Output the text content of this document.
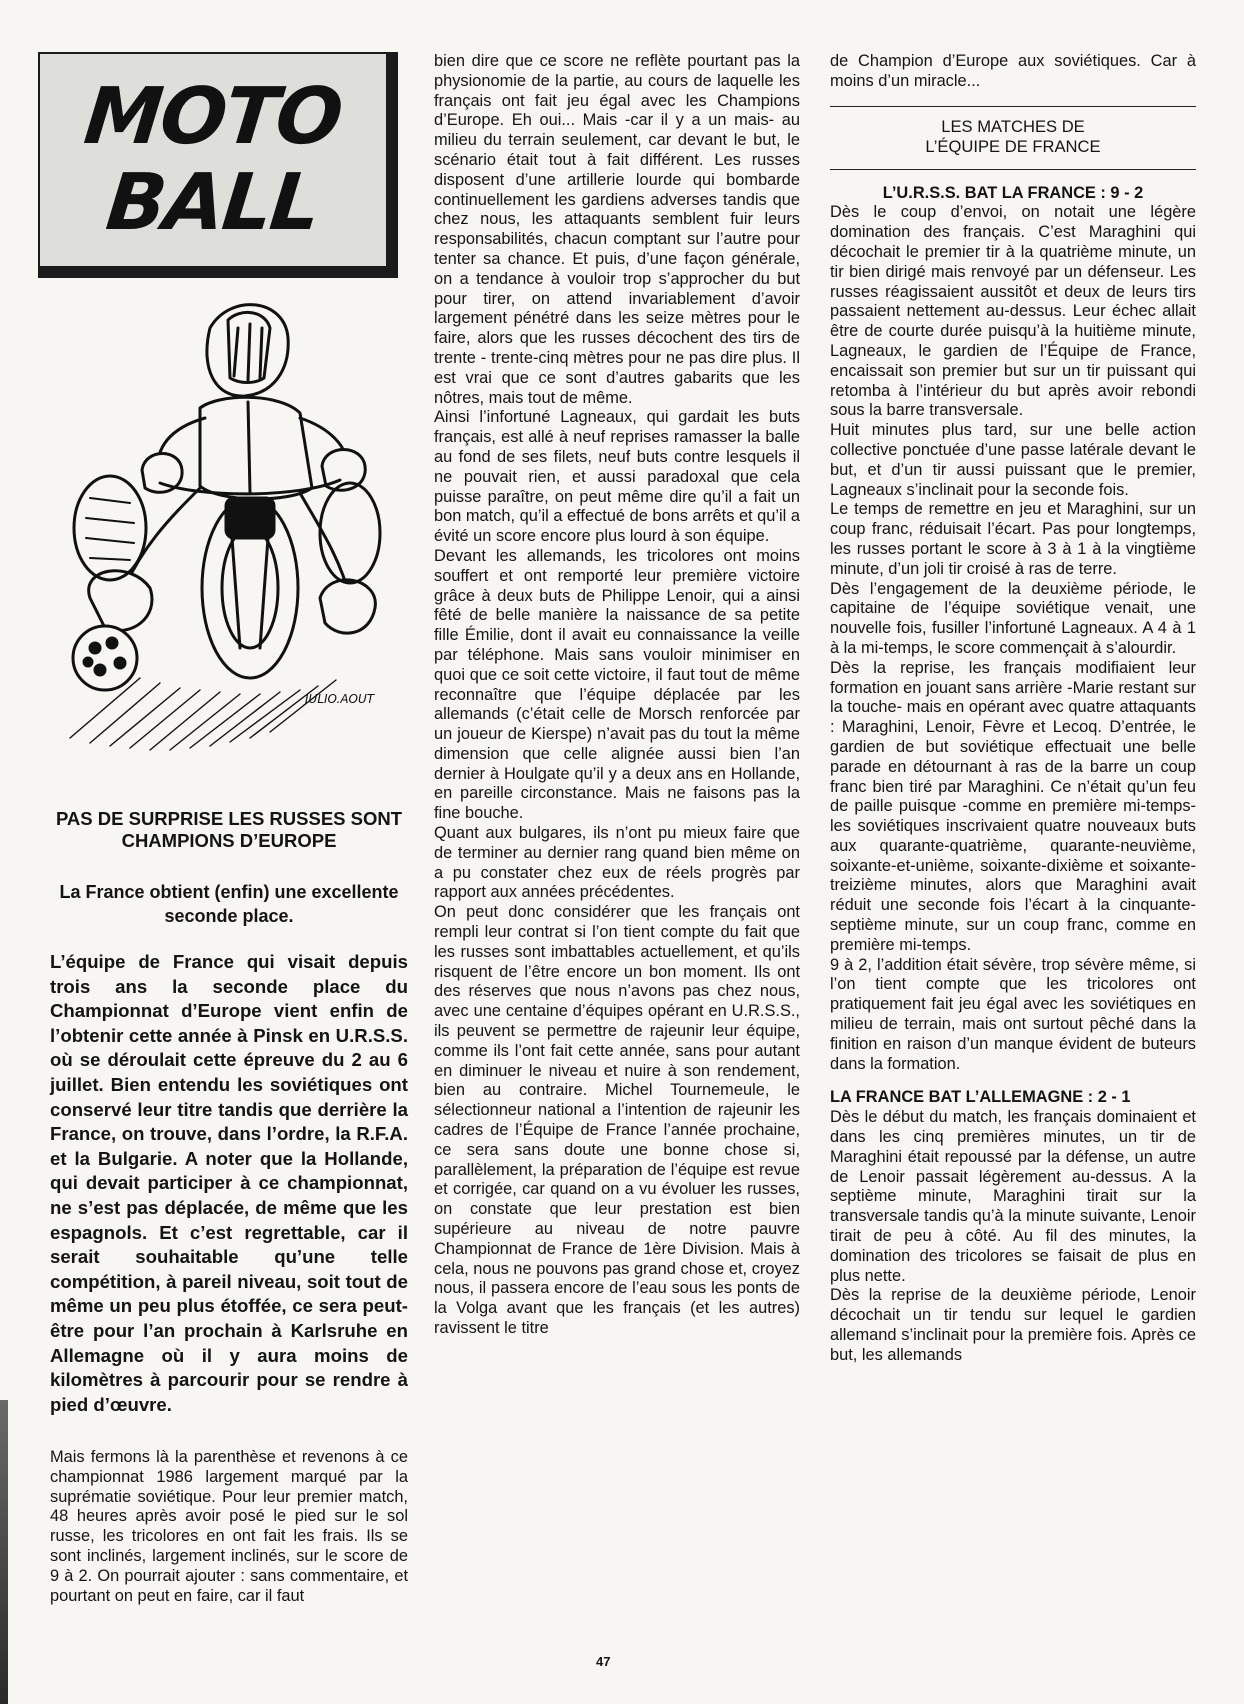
MOTO
BALL
JULIO.AOUT
PAS DE SURPRISE LES RUSSES SONT CHAMPIONS D’EUROPE
La France obtient (enfin) une excellente seconde place.
L’équipe de France qui visait depuis trois ans la seconde place du Championnat d’Europe vient enfin de l’obtenir cette année à Pinsk en U.R.S.S. où se déroulait cette épreuve du 2 au 6 juillet. Bien entendu les soviétiques ont conservé leur titre tandis que derrière la France, on trouve, dans l’ordre, la R.F.A. et la Bulgarie. A noter que la Hollande, qui devait participer à ce championnat, ne s’est pas déplacée, de même que les espagnols. Et c’est regrettable, car il serait souhaitable qu’une telle compétition, à pareil niveau, soit tout de même un peu plus étoffée, ce sera peut-être pour l’an prochain à Karlsruhe en Allemagne où il y aura moins de kilomètres à parcourir pour se rendre à pied d’œuvre.

Mais fermons là la parenthèse et revenons à ce championnat 1986 largement marqué par la suprématie soviétique. Pour leur premier match, 48 heures après avoir posé le pied sur le sol russe, les tricolores en ont fait les frais. Ils se sont inclinés, largement inclinés, sur le score de 9 à 2. On pourrait ajouter : sans commentaire, et pourtant on peut en faire, car il faut

bien dire que ce score ne reflète pourtant pas la physionomie de la partie, au cours de laquelle les français ont fait jeu égal avec les Champions d’Europe. Eh oui... Mais -car il y a un mais- au milieu du terrain seulement, car devant le but, le scénario était tout à fait différent. Les russes disposent d’une artillerie lourde qui bombarde continuellement les gardiens adverses tandis que chez nous, les attaquants semblent fuir leurs responsabilités, chacun comptant sur l’autre pour tenter sa chance. Et puis, d’une façon générale, on a tendance à vouloir trop s’approcher du but pour tirer, on attend invariablement d’avoir largement pénétré dans les seize mètres pour le faire, alors que les russes décochent des tirs de trente - trente-cinq mètres pour ne pas dire plus. Il est vrai que ce sont d’autres gabarits que les nôtres, mais tout de même.

Ainsi l’infortuné Lagneaux, qui gardait les buts français, est allé à neuf reprises ramasser la balle au fond de ses filets, neuf buts contre lesquels il ne pouvait rien, et aussi paradoxal que cela puisse paraître, on peut même dire qu’il a fait un bon match, qu’il a effectué de bons arrêts et qu’il a évité un score encore plus lourd à son équipe.

Devant les allemands, les tricolores ont moins souffert et ont remporté leur première victoire grâce à deux buts de Philippe Lenoir, qui a ainsi fêté de belle manière la naissance de sa petite fille Émilie, dont il avait eu connaissance la veille par téléphone. Mais sans vouloir minimiser en quoi que ce soit cette victoire, il faut tout de même reconnaître que l’équipe déplacée par les allemands (c’était celle de Morsch renforcée par un joueur de Kierspe) n’avait pas du tout la même dimension que celle alignée aussi bien l’an dernier à Houlgate qu’il y a deux ans en Hollande, en pareille circonstance. Mais ne faisons pas la fine bouche.

Quant aux bulgares, ils n’ont pu mieux faire que de terminer au dernier rang quand bien même on a pu constater chez eux de réels progrès par rapport aux années précédentes.

On peut donc considérer que les français ont rempli leur contrat si l’on tient compte du fait que les russes sont imbattables actuellement, et qu’ils risquent de l’être encore un bon moment. Ils ont des réserves que nous n’avons pas chez nous, avec une centaine d’équipes opérant en U.R.S.S., ils peuvent se permettre de rajeunir leur équipe, comme ils l’ont fait cette année, sans pour autant en diminuer le niveau et nuire à son rendement, bien au contraire. Michel Tournemeule, le sélectionneur national a l’intention de rajeunir les cadres de l’Équipe de France l’année prochaine, ce sera sans doute une bonne chose si, parallèlement, la préparation de l’équipe est revue et corrigée, car quand on a vu évoluer les russes, on constate que leur prestation est bien supérieure au niveau de notre pauvre Championnat de France de 1ère Division. Mais à cela, nous ne pouvons pas grand chose et, croyez nous, il passera encore de l’eau sous les ponts de la Volga avant que les français (et les autres) ravissent le titre

de Champion d’Europe aux soviétiques. Car à moins d’un miracle...

LES MATCHES DE
L’ÉQUIPE DE FRANCE

L’U.R.S.S. BAT LA FRANCE : 9 - 2

Dès le coup d’envoi, on notait une légère domination des français. C’est Maraghini qui décochait le premier tir à la quatrième minute, un tir bien dirigé mais renvoyé par un défenseur. Les russes réagissaient aussitôt et deux de leurs tirs passaient nettement au-dessus. Leur échec allait être de courte durée puisqu’à la huitième minute, Lagneaux, le gardien de l’Équipe de France, encaissait son premier but sur un tir puissant qui retomba à l’intérieur du but après avoir rebondi sous la barre transversale.

Huit minutes plus tard, sur une belle action collective ponctuée d’une passe latérale devant le but, et d’un tir aussi puissant que le premier, Lagneaux s’inclinait pour la seconde fois.

Le temps de remettre en jeu et Maraghini, sur un coup franc, réduisait l’écart. Pas pour longtemps, les russes portant le score à 3 à 1 à la vingtième minute, d’un joli tir croisé à ras de terre.

Dès l’engagement de la deuxième période, le capitaine de l’équipe soviétique venait, une nouvelle fois, fusiller l’infortuné Lagneaux. A 4 à 1 à la mi-temps, le score commençait à s’alourdir.

Dès la reprise, les français modifiaient leur formation en jouant sans arrière -Marie restant sur la touche- mais en opérant avec quatre attaquants : Maraghini, Lenoir, Fèvre et Lecoq. D’entrée, le gardien de but soviétique effectuait une belle parade en détournant à ras de la barre un coup franc bien tiré par Maraghini. Ce n’était qu’un feu de paille puisque -comme en première mi-temps- les soviétiques inscrivaient quatre nouveaux buts aux quarante-quatrième, quarante-neuvième, soixante-et-unième, soixante-dixième et soixante-treizième minutes, alors que Maraghini avait réduit une seconde fois l’écart à la cinquante-septième minute, sur un coup franc, comme en première mi-temps.

9 à 2, l’addition était sévère, trop sévère même, si l’on tient compte que les tricolores ont pratiquement fait jeu égal avec les soviétiques en milieu de terrain, mais ont surtout pêché dans la finition en raison d’un manque évident de buteurs dans la formation.

LA FRANCE BAT L’ALLEMAGNE : 2 - 1

Dès le début du match, les français dominaient et dans les cinq premières minutes, un tir de Maraghini était repoussé par la défense, un autre de Lenoir passait légèrement au-dessus. A la septième minute, Maraghini tirait sur la transversale tandis qu’à la minute suivante, Lenoir tirait de peu à côté. Au fil des minutes, la domination des tricolores se faisait de plus en plus nette.

Dès la reprise de la deuxième période, Lenoir décochait un tir tendu sur lequel le gardien allemand s’inclinait pour la première fois. Après ce but, les allemands

47
